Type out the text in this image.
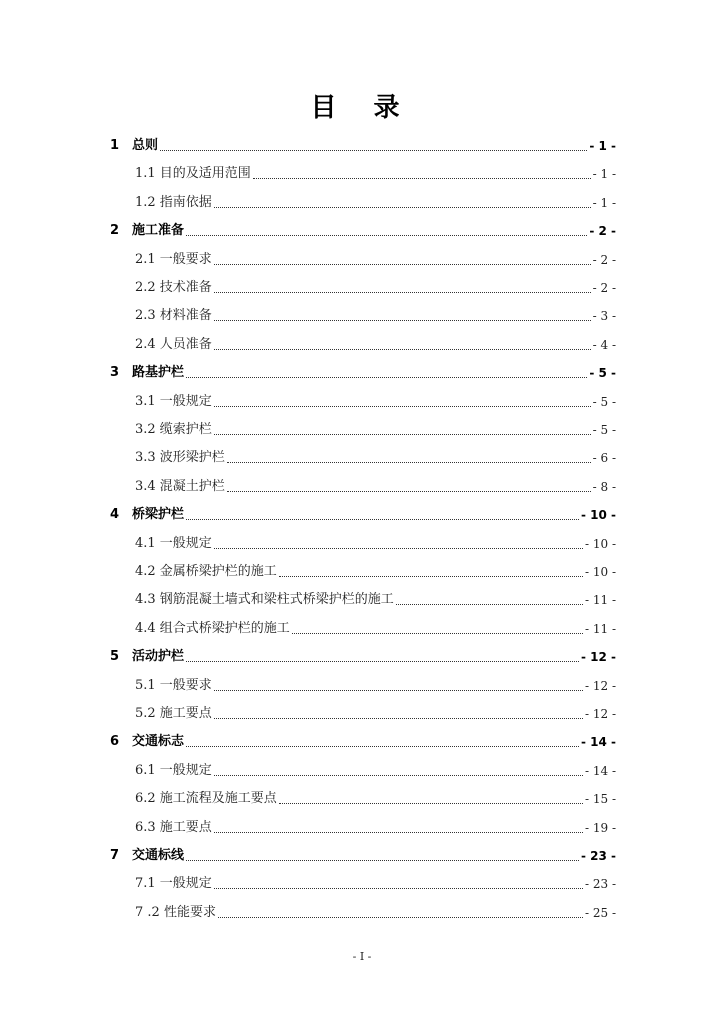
目 录
1 总则	- 1 -
1.1 目的及适用范围	- 1 -
1.2 指南依据	- 1 -
2 施工准备	- 2 -
2.1 一般要求	- 2 -
2.2 技术准备	- 2 -
2.3 材料准备	- 3 -
2.4 人员准备	- 4 -
3 路基护栏	- 5 -
3.1 一般规定	- 5 -
3.2 缆索护栏	- 5 -
3.3 波形梁护栏	- 6 -
3.4 混凝土护栏	- 8 -
4 桥梁护栏	- 10 -
4.1 一般规定	- 10 -
4.2 金属桥梁护栏的施工	- 10 -
4.3 钢筋混凝土墙式和梁柱式桥梁护栏的施工	- 11 -
4.4 组合式桥梁护栏的施工	- 11 -
5 活动护栏	- 12 -
5.1 一般要求	- 12 -
5.2 施工要点	- 12 -
6 交通标志	- 14 -
6.1 一般规定	- 14 -
6.2 施工流程及施工要点	- 15 -
6.3 施工要点	- 19 -
7 交通标线	- 23 -
7.1 一般规定	- 23 -
7 .2 性能要求	- 25 -
- I -
